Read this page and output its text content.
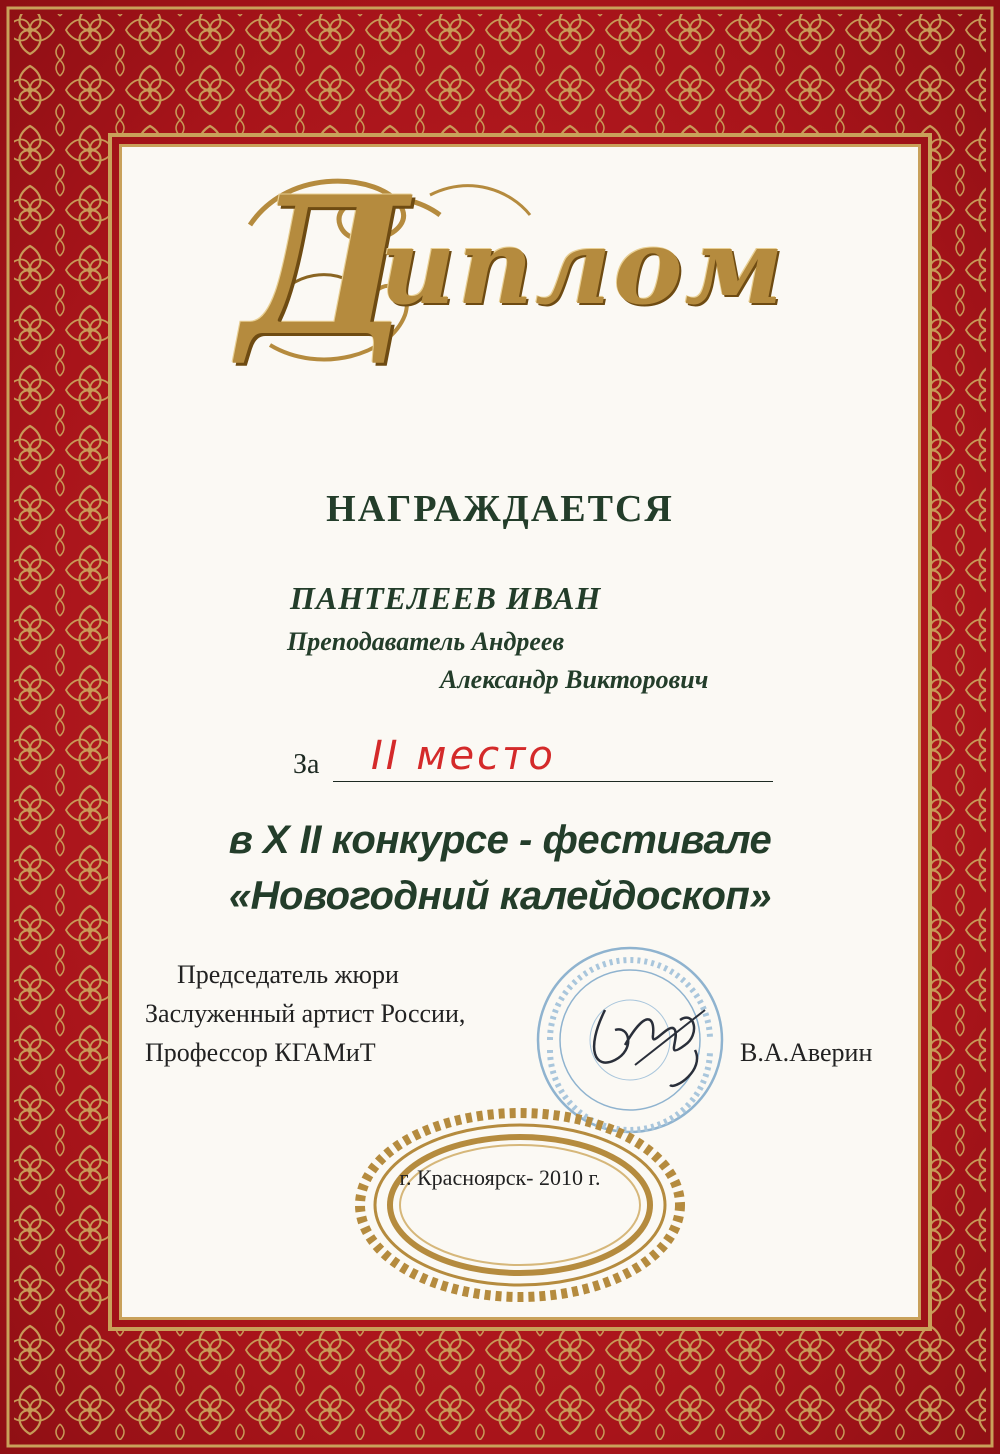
Д
иплом
НАГРАЖДАЕТСЯ
ПАНТЕЛЕЕВ ИВАН
Преподаватель Андреев
Александр Викторович
За II место
в X II конкурсе - фестивале
«Новогодний калейдоскоп»
Председатель жюри
Заслуженный артист России,
Профессор КГАМиТ	В.А.Аверин
г. Красноярск- 2010 г.
